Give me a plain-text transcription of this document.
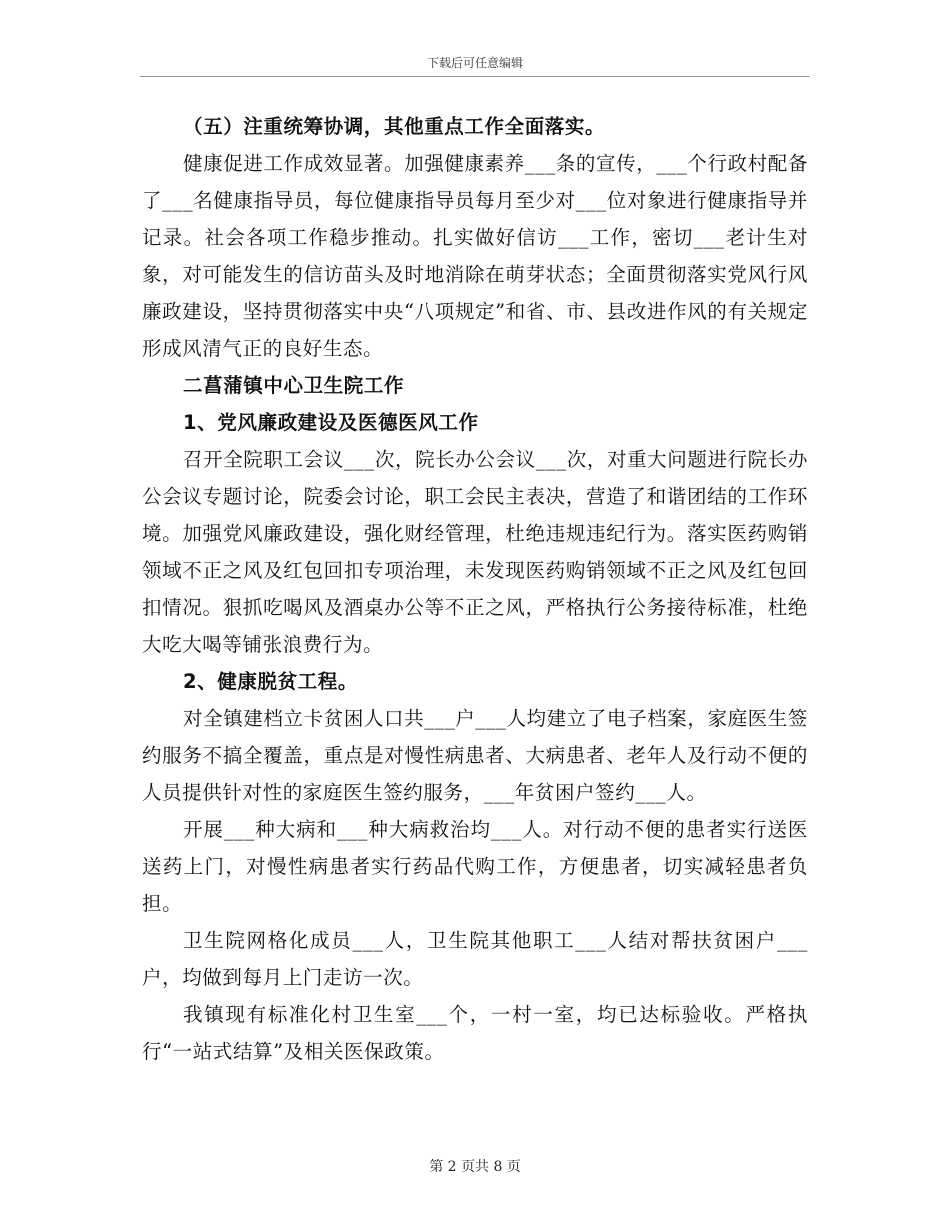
下载后可任意编辑

（五）注重统筹协调，其他重点工作全面落实。

健康促进工作成效显著。加强健康素养___条的宣传，___个行政村配备了___名健康指导员，每位健康指导员每月至少对___位对象进行健康指导并记录。社会各项工作稳步推动。扎实做好信访___工作，密切___老计生对象，对可能发生的信访苗头及时地消除在萌芽状态；全面贯彻落实党风行风廉政建设，坚持贯彻落实中央“八项规定”和省、市、县改进作风的有关规定形成风清气正的良好生态。

二菖蒲镇中心卫生院工作

1、党风廉政建设及医德医风工作

召开全院职工会议___次，院长办公会议___次，对重大问题进行院长办公会议专题讨论，院委会讨论，职工会民主表决，营造了和谐团结的工作环境。加强党风廉政建设，强化财经管理，杜绝违规违纪行为。落实医药购销领域不正之风及红包回扣专项治理，未发现医药购销领域不正之风及红包回扣情况。狠抓吃喝风及酒桌办公等不正之风，严格执行公务接待标准，杜绝大吃大喝等铺张浪费行为。

2、健康脱贫工程。

对全镇建档立卡贫困人口共___户___人均建立了电子档案，家庭医生签约服务不搞全覆盖，重点是对慢性病患者、大病患者、老年人及行动不便的人员提供针对性的家庭医生签约服务，___年贫困户签约___人。

开展___种大病和___种大病救治均___人。对行动不便的患者实行送医送药上门，对慢性病患者实行药品代购工作，方便患者，切实减轻患者负担。

卫生院网格化成员___人，卫生院其他职工___人结对帮扶贫困户___户，均做到每月上门走访一次。

我镇现有标准化村卫生室___个，一村一室，均已达标验收。严格执行“一站式结算”及相关医保政策。

第 2 页共 8 页
